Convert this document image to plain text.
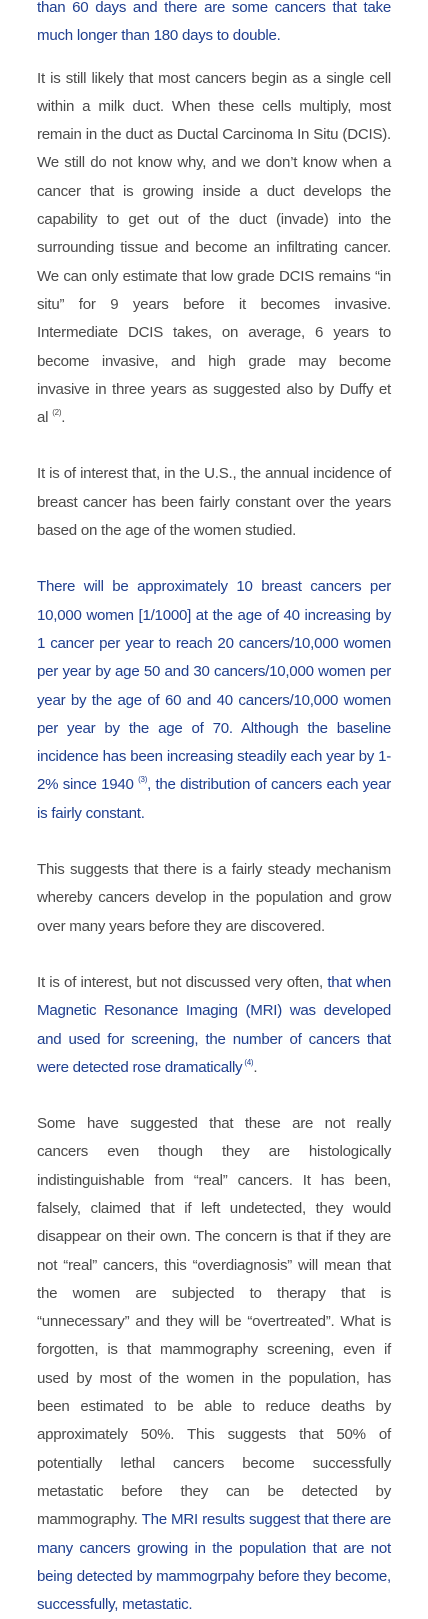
than 60 days and there are some cancers that take much longer than 180 days to double.

It is still likely that most cancers begin as a single cell within a milk duct. When these cells multiply, most remain in the duct as Ductal Carcinoma In Situ (DCIS). We still do not know why, and we don’t know when a cancer that is growing inside a duct develops the capability to get out of the duct (invade) into the surrounding tissue and become an infiltrating cancer. We can only estimate that low grade DCIS remains “in situ” for 9 years before it becomes invasive. Intermediate DCIS takes, on average, 6 years to become invasive, and high grade may become invasive in three years as suggested also by Duffy et al $^{(2)}$.

It is of interest that, in the U.S., the annual incidence of breast cancer has been fairly constant over the years based on the age of the women studied.

There will be approximately 10 breast cancers per 10,000 women [1/1000] at the age of 40 increasing by 1 cancer per year to reach 20 cancers/10,000 women per year by age 50 and 30 cancers/10,000 women per year by the age of 60 and 40 cancers/10,000 women per year by the age of 70. Although the baseline incidence has been increasing steadily each year by 1-2% since 1940 $^{(3)}$, the distribution of cancers each year is fairly constant.

This suggests that there is a fairly steady mechanism whereby cancers develop in the population and grow over many years before they are discovered.

It is of interest, but not discussed very often, that when Magnetic Resonance Imaging (MRI) was developed and used for screening, the number of cancers that were detected rose dramatically $^{(4)}$.

Some have suggested that these are not really cancers even though they are histologically indistinguishable from “real” cancers. It has been, falsely, claimed that if left undetected, they would disappear on their own. The concern is that if they are not “real” cancers, this “overdiagnosis” will mean that the women are subjected to therapy that is “unnecessary” and they will be “overtreated”. What is forgotten, is that mammography screening, even if used by most of the women in the population, has been estimated to be able to reduce deaths by approximately 50%. This suggests that 50% of potentially lethal cancers become successfully metastatic before they can be detected by mammography. The MRI results suggest that there are many cancers growing in the population that are not being detected by mammogrpahy before they become, successfully, metastatic.
